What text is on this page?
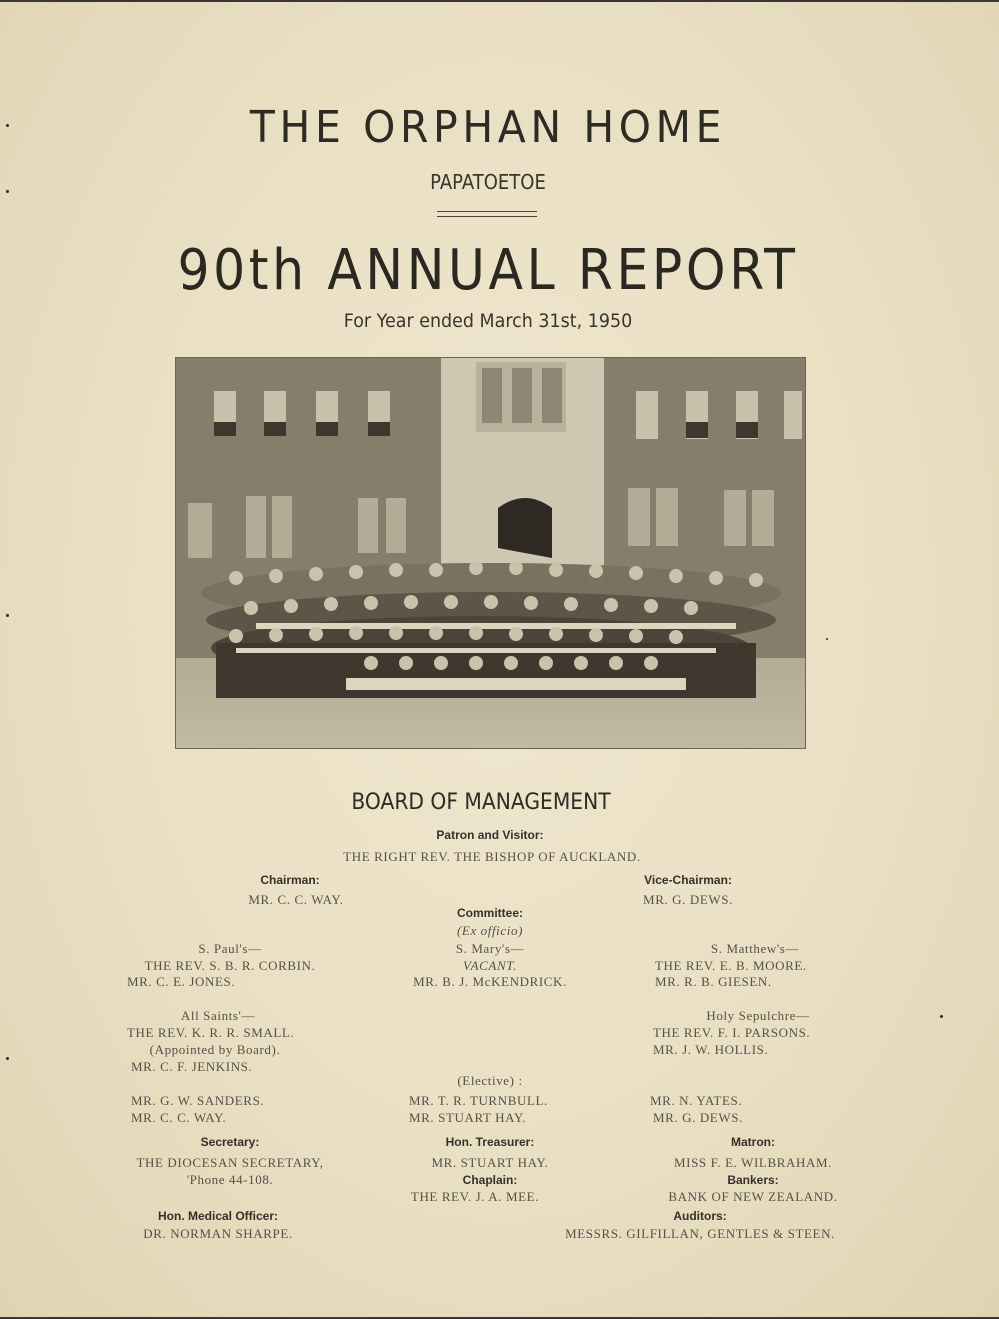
THE ORPHAN HOME
PAPATOETOE
90th ANNUAL REPORT
For Year ended March 31st, 1950
BOARD OF MANAGEMENT
Patron and Visitor:
THE RIGHT REV. THE BISHOP OF AUCKLAND.
Chairman:
MR. C. C. WAY.
Vice-Chairman:
MR. G. DEWS.
Committee:
(Ex officio)
S. Paul's—
THE REV. S. B. R. CORBIN.
MR. C. E. JONES.
S. Mary's—
VACANT.
MR. B. J. McKENDRICK.
S. Matthew's—
THE REV. E. B. MOORE.
MR. R. B. GIESEN.
All Saints'—
THE REV. K. R. R. SMALL.
(Appointed by Board).
MR. C. F. JENKINS.
Holy Sepulchre—
THE REV. F. I. PARSONS.
MR. J. W. HOLLIS.
(Elective) :
MR. G. W. SANDERS.
MR. C. C. WAY.
MR. T. R. TURNBULL.
MR. STUART HAY.
MR. N. YATES.
MR. G. DEWS.
Secretary:
THE DIOCESAN SECRETARY,
'Phone 44-108.
Hon. Treasurer:
MR. STUART HAY.
Matron:
MISS F. E. WILBRAHAM.
Chaplain:
THE REV. J. A. MEE.
Bankers:
BANK OF NEW ZEALAND.
Hon. Medical Officer:
DR. NORMAN SHARPE.
Auditors:
MESSRS. GILFILLAN, GENTLES & STEEN.
